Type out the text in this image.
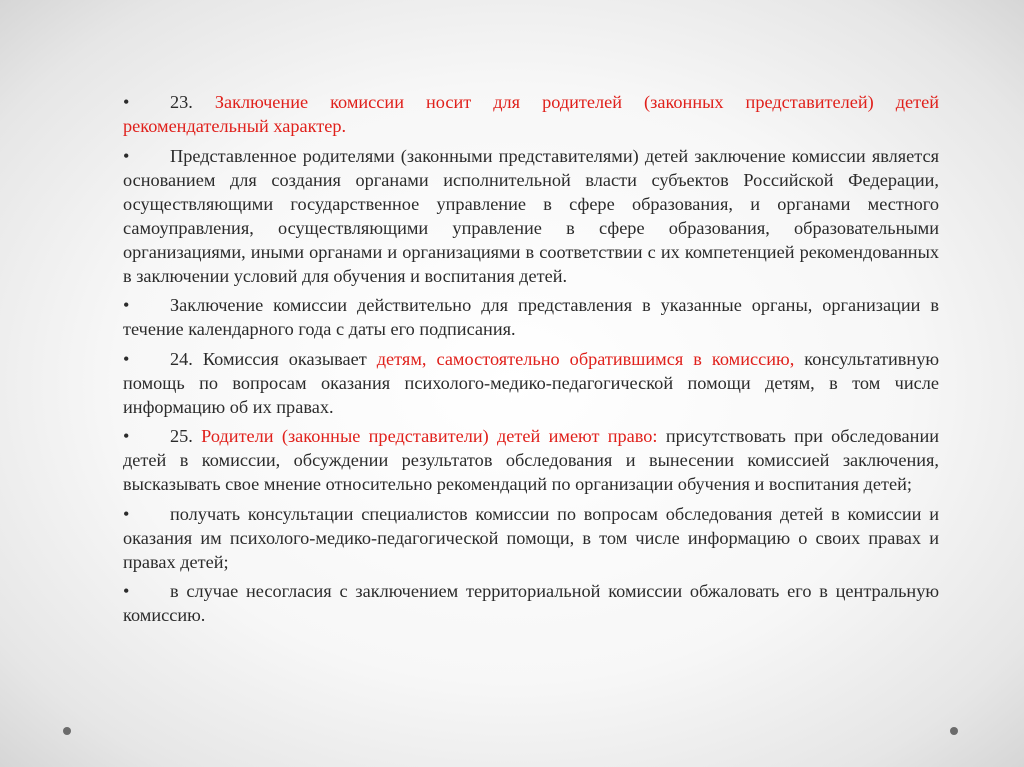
• 23. Заключение комиссии носит для родителей (законных представителей) детей рекомендательный характер.

• Представленное родителями (законными представителями) детей заключение комиссии является основанием для создания органами исполнительной власти субъектов Российской Федерации, осуществляющими государственное управление в сфере образования, и органами местного самоуправления, осуществляющими управление в сфере образования, образовательными организациями, иными органами и организациями в соответствии с их компетенцией рекомендованных в заключении условий для обучения и воспитания детей.

• Заключение комиссии действительно для представления в указанные органы, организации в течение календарного года с даты его подписания.

• 24. Комиссия оказывает детям, самостоятельно обратившимся в комиссию, консультативную помощь по вопросам оказания психолого-медико-педагогической помощи детям, в том числе информацию об их правах.

• 25. Родители (законные представители) детей имеют право: присутствовать при обследовании детей в комиссии, обсуждении результатов обследования и вынесении комиссией заключения, высказывать свое мнение относительно рекомендаций по организации обучения и воспитания детей;

• получать консультации специалистов комиссии по вопросам обследования детей в комиссии и оказания им психолого-медико-педагогической помощи, в том числе информацию о своих правах и правах детей;

• в случае несогласия с заключением территориальной комиссии обжаловать его в центральную комиссию.
